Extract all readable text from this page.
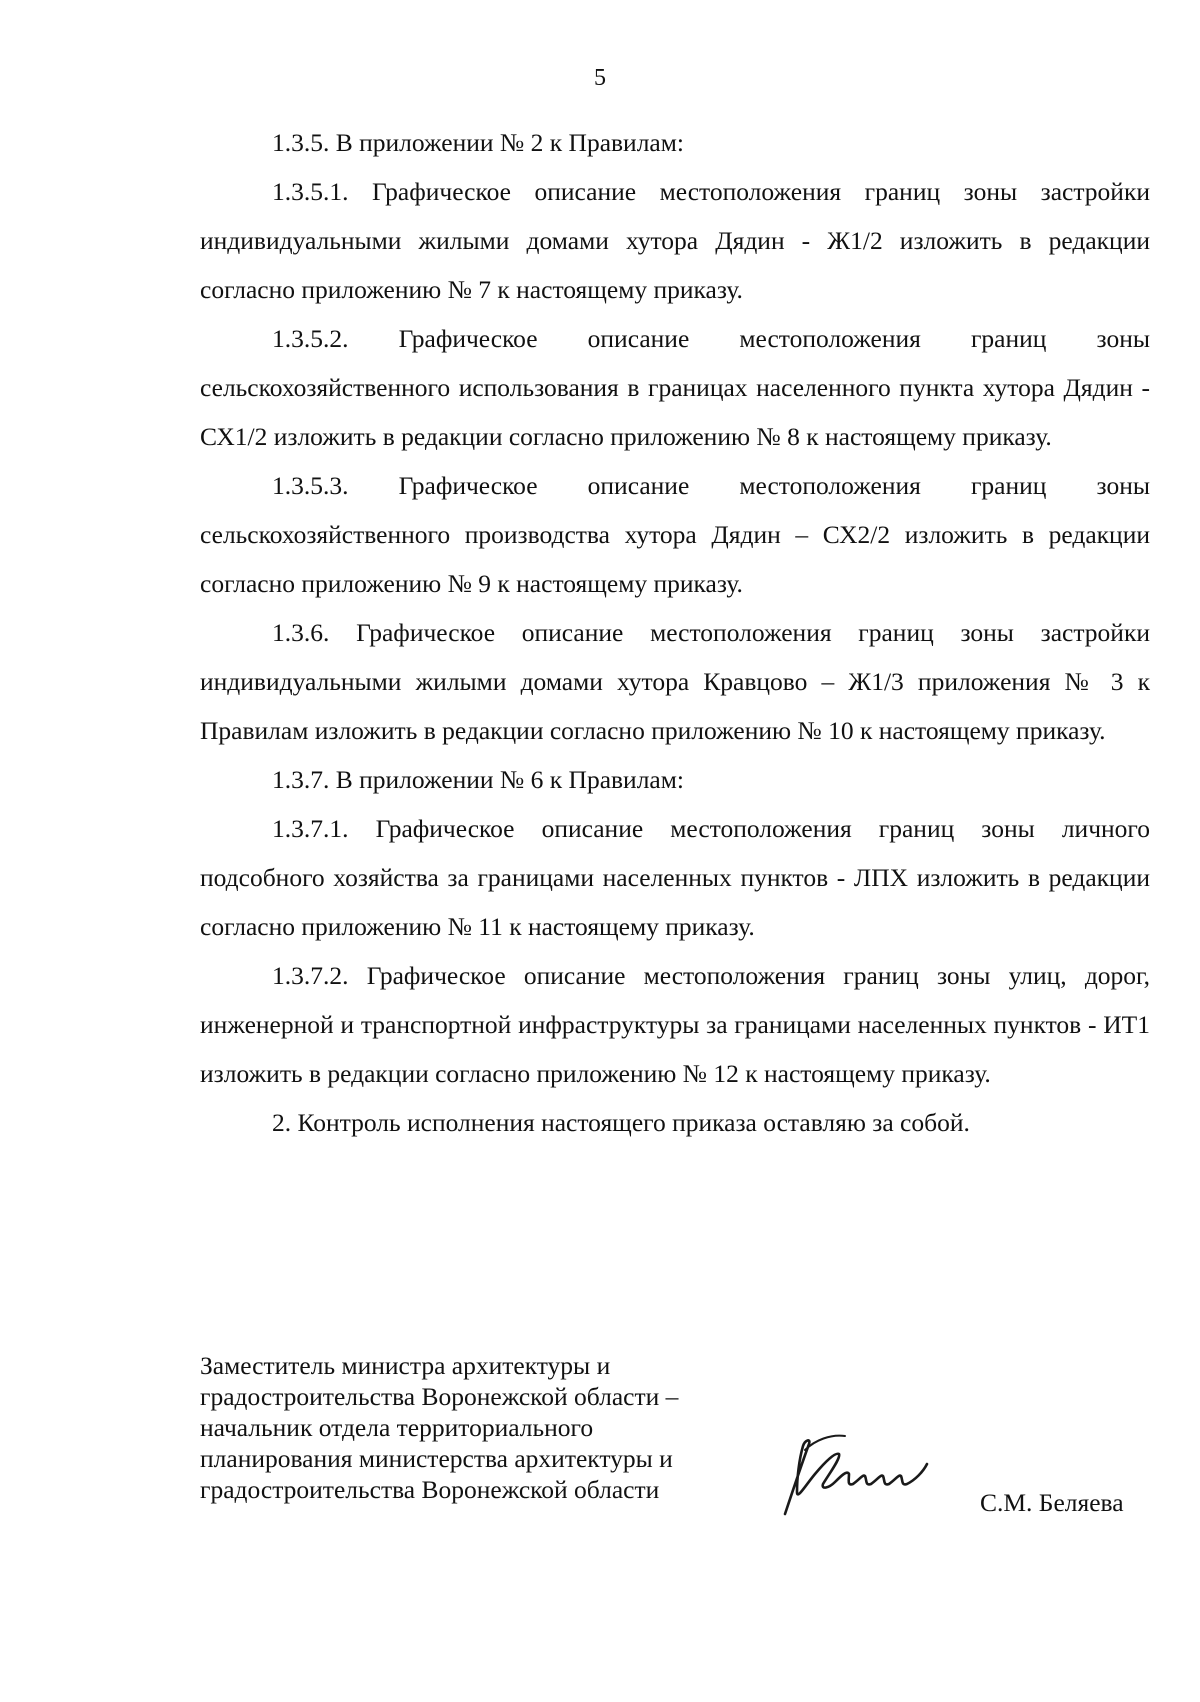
5

1.3.5. В приложении № 2 к Правилам:

1.3.5.1. Графическое описание местоположения границ зоны застройки индивидуальными жилыми домами хутора Дядин - Ж1/2 изложить в редакции согласно приложению № 7 к настоящему приказу.

1.3.5.2. Графическое описание местоположения границ зоны сельскохозяйственного использования в границах населенного пункта хутора Дядин - СХ1/2 изложить в редакции согласно приложению № 8 к настоящему приказу.

1.3.5.3. Графическое описание местоположения границ зоны сельскохозяйственного производства хутора Дядин – СХ2/2 изложить в редакции согласно приложению № 9 к настоящему приказу.

1.3.6. Графическое описание местоположения границ зоны застройки индивидуальными жилыми домами хутора Кравцово – Ж1/3 приложения № 3 к Правилам изложить в редакции согласно приложению № 10 к настоящему приказу.

1.3.7. В приложении № 6 к Правилам:

1.3.7.1. Графическое описание местоположения границ зоны личного подсобного хозяйства за границами населенных пунктов - ЛПХ изложить в редакции согласно приложению № 11 к настоящему приказу.

1.3.7.2. Графическое описание местоположения границ зоны улиц, дорог, инженерной и транспортной инфраструктуры за границами населенных пунктов - ИТ1 изложить в редакции согласно приложению № 12 к настоящему приказу.

2. Контроль исполнения настоящего приказа оставляю за собой.

Заместитель министра архитектуры и
градостроительства Воронежской области –
начальник отдела территориального
планирования министерства архитектуры и
градостроительства Воронежской области	С.М. Беляева
